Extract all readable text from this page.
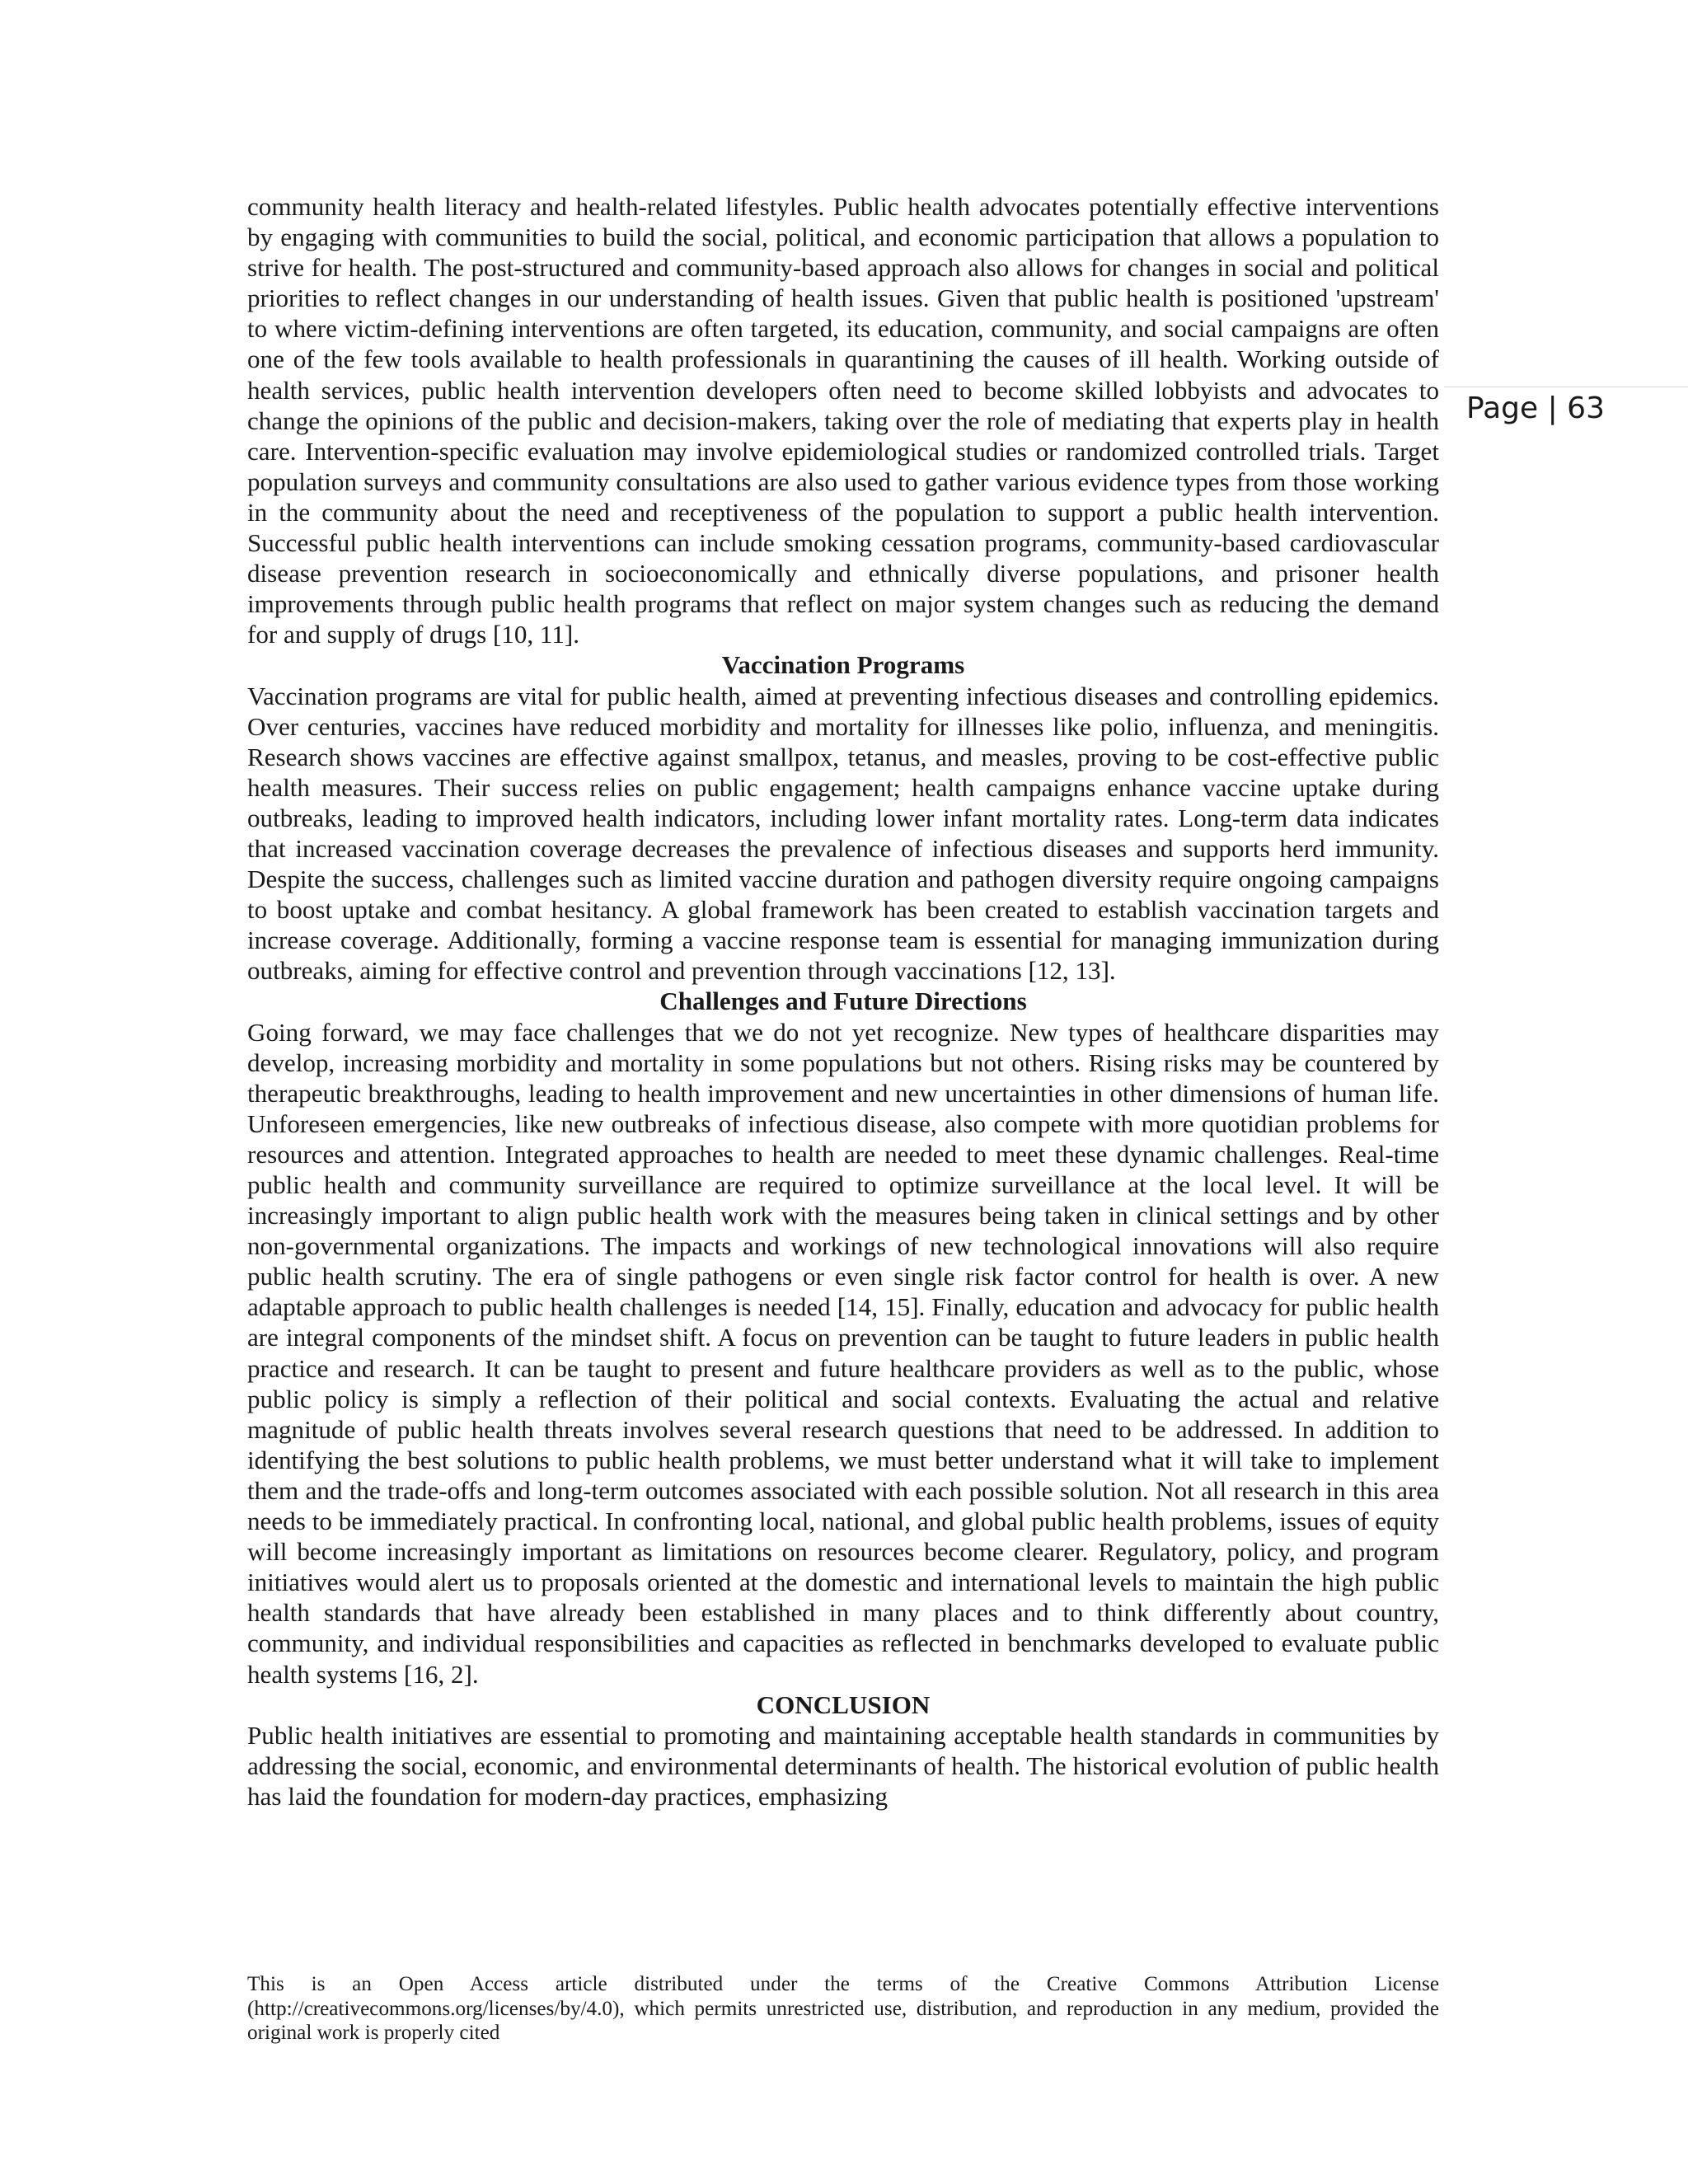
community health literacy and health-related lifestyles. Public health advocates potentially effective interventions by engaging with communities to build the social, political, and economic participation that allows a population to strive for health. The post-structured and community-based approach also allows for changes in social and political priorities to reflect changes in our understanding of health issues. Given that public health is positioned 'upstream' to where victim-defining interventions are often targeted, its education, community, and social campaigns are often one of the few tools available to health professionals in quarantining the causes of ill health. Working outside of health services, public health intervention developers often need to become skilled lobbyists and advocates to change the opinions of the public and decision-makers, taking over the role of mediating that experts play in health care. Intervention-specific evaluation may involve epidemiological studies or randomized controlled trials. Target population surveys and community consultations are also used to gather various evidence types from those working in the community about the need and receptiveness of the population to support a public health intervention. Successful public health interventions can include smoking cessation programs, community-based cardiovascular disease prevention research in socioeconomically and ethnically diverse populations, and prisoner health improvements through public health programs that reflect on major system changes such as reducing the demand for and supply of drugs [10, 11].

Vaccination Programs

Vaccination programs are vital for public health, aimed at preventing infectious diseases and controlling epidemics. Over centuries, vaccines have reduced morbidity and mortality for illnesses like polio, influenza, and meningitis. Research shows vaccines are effective against smallpox, tetanus, and measles, proving to be cost-effective public health measures. Their success relies on public engagement; health campaigns enhance vaccine uptake during outbreaks, leading to improved health indicators, including lower infant mortality rates. Long-term data indicates that increased vaccination coverage decreases the prevalence of infectious diseases and supports herd immunity. Despite the success, challenges such as limited vaccine duration and pathogen diversity require ongoing campaigns to boost uptake and combat hesitancy. A global framework has been created to establish vaccination targets and increase coverage. Additionally, forming a vaccine response team is essential for managing immunization during outbreaks, aiming for effective control and prevention through vaccinations [12, 13].

Challenges and Future Directions

Going forward, we may face challenges that we do not yet recognize. New types of healthcare disparities may develop, increasing morbidity and mortality in some populations but not others. Rising risks may be countered by therapeutic breakthroughs, leading to health improvement and new uncertainties in other dimensions of human life. Unforeseen emergencies, like new outbreaks of infectious disease, also compete with more quotidian problems for resources and attention. Integrated approaches to health are needed to meet these dynamic challenges. Real-time public health and community surveillance are required to optimize surveillance at the local level. It will be increasingly important to align public health work with the measures being taken in clinical settings and by other non-governmental organizations. The impacts and workings of new technological innovations will also require public health scrutiny. The era of single pathogens or even single risk factor control for health is over. A new adaptable approach to public health challenges is needed [14, 15]. Finally, education and advocacy for public health are integral components of the mindset shift. A focus on prevention can be taught to future leaders in public health practice and research. It can be taught to present and future healthcare providers as well as to the public, whose public policy is simply a reflection of their political and social contexts. Evaluating the actual and relative magnitude of public health threats involves several research questions that need to be addressed. In addition to identifying the best solutions to public health problems, we must better understand what it will take to implement them and the trade-offs and long-term outcomes associated with each possible solution. Not all research in this area needs to be immediately practical. In confronting local, national, and global public health problems, issues of equity will become increasingly important as limitations on resources become clearer. Regulatory, policy, and program initiatives would alert us to proposals oriented at the domestic and international levels to maintain the high public health standards that have already been established in many places and to think differently about country, community, and individual responsibilities and capacities as reflected in benchmarks developed to evaluate public health systems [16, 2].

CONCLUSION

Public health initiatives are essential to promoting and maintaining acceptable health standards in communities by addressing the social, economic, and environmental determinants of health. The historical evolution of public health has laid the foundation for modern-day practices, emphasizing

Page | 63

This is an Open Access article distributed under the terms of the Creative Commons Attribution License (http://creativecommons.org/licenses/by/4.0), which permits unrestricted use, distribution, and reproduction in any medium, provided the original work is properly cited
